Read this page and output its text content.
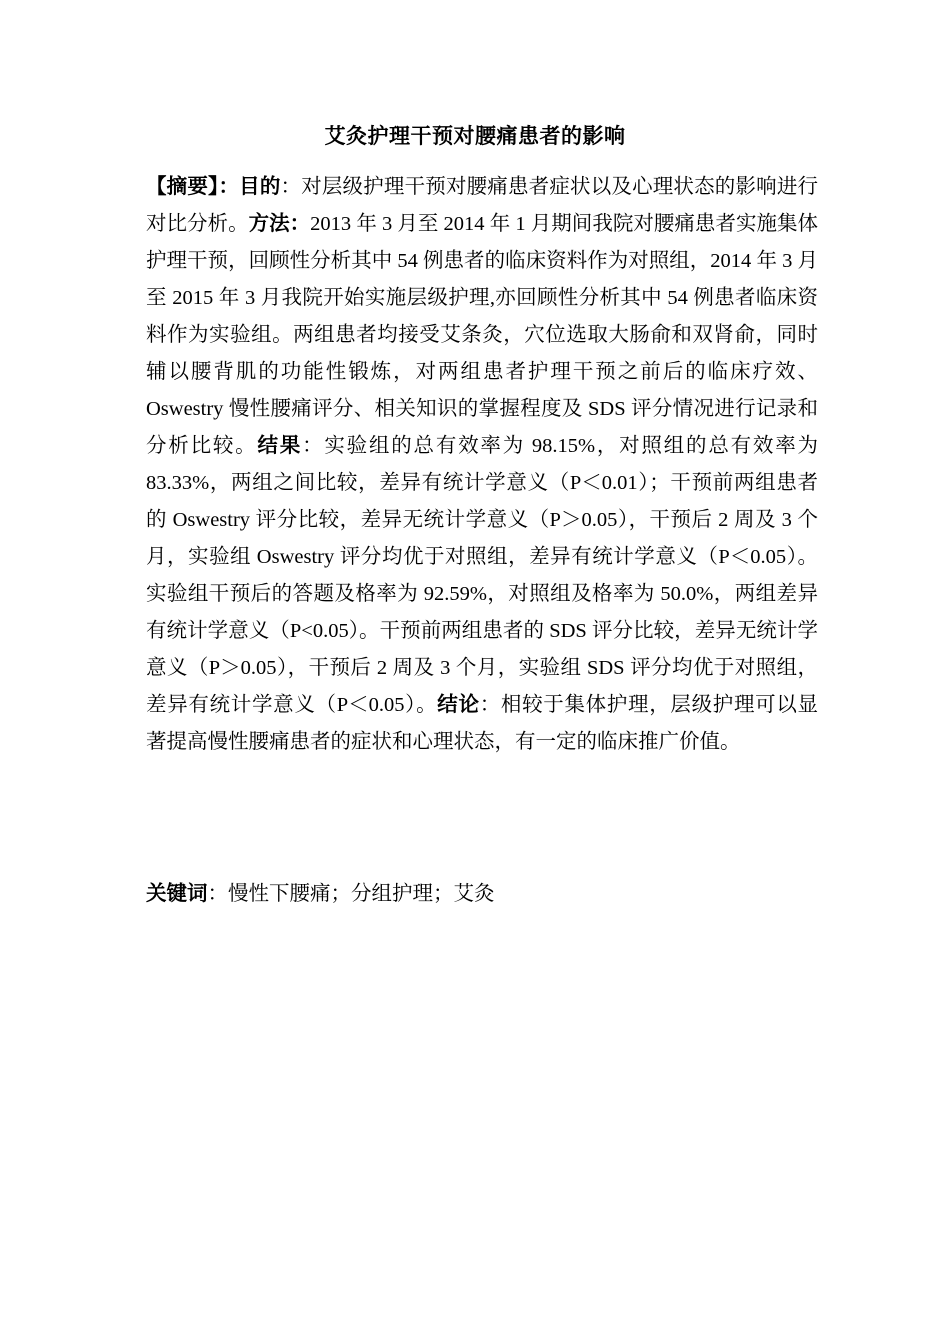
艾灸护理干预对腰痛患者的影响

【摘要】：目的：对层级护理干预对腰痛患者症状以及心理状态的影响进行对比分析。方法：2013 年 3 月至 2014 年 1 月期间我院对腰痛患者实施集体护理干预，回顾性分析其中 54 例患者的临床资料作为对照组，2014 年 3 月至 2015 年 3 月我院开始实施层级护理,亦回顾性分析其中 54 例患者临床资料作为实验组。两组患者均接受艾条灸，穴位选取大肠俞和双肾俞，同时辅以腰背肌的功能性锻炼，对两组患者护理干预之前后的临床疗效、Oswestry 慢性腰痛评分、相关知识的掌握程度及 SDS 评分情况进行记录和分析比较。结果：实验组的总有效率为 98.15%，对照组的总有效率为 83.33%，两组之间比较，差异有统计学意义（P＜0.01）；干预前两组患者的 Oswestry 评分比较，差异无统计学意义（P＞0.05），干预后 2 周及 3 个月，实验组 Oswestry 评分均优于对照组，差异有统计学意义（P＜0.05）。实验组干预后的答题及格率为 92.59%，对照组及格率为 50.0%，两组差异有统计学意义（P<0.05）。干预前两组患者的 SDS 评分比较，差异无统计学意义（P＞0.05），干预后 2 周及 3 个月，实验组 SDS 评分均优于对照组，差异有统计学意义（P＜0.05）。结论：相较于集体护理，层级护理可以显著提高慢性腰痛患者的症状和心理状态，有一定的临床推广价值。

关键词：慢性下腰痛；分组护理；艾灸
